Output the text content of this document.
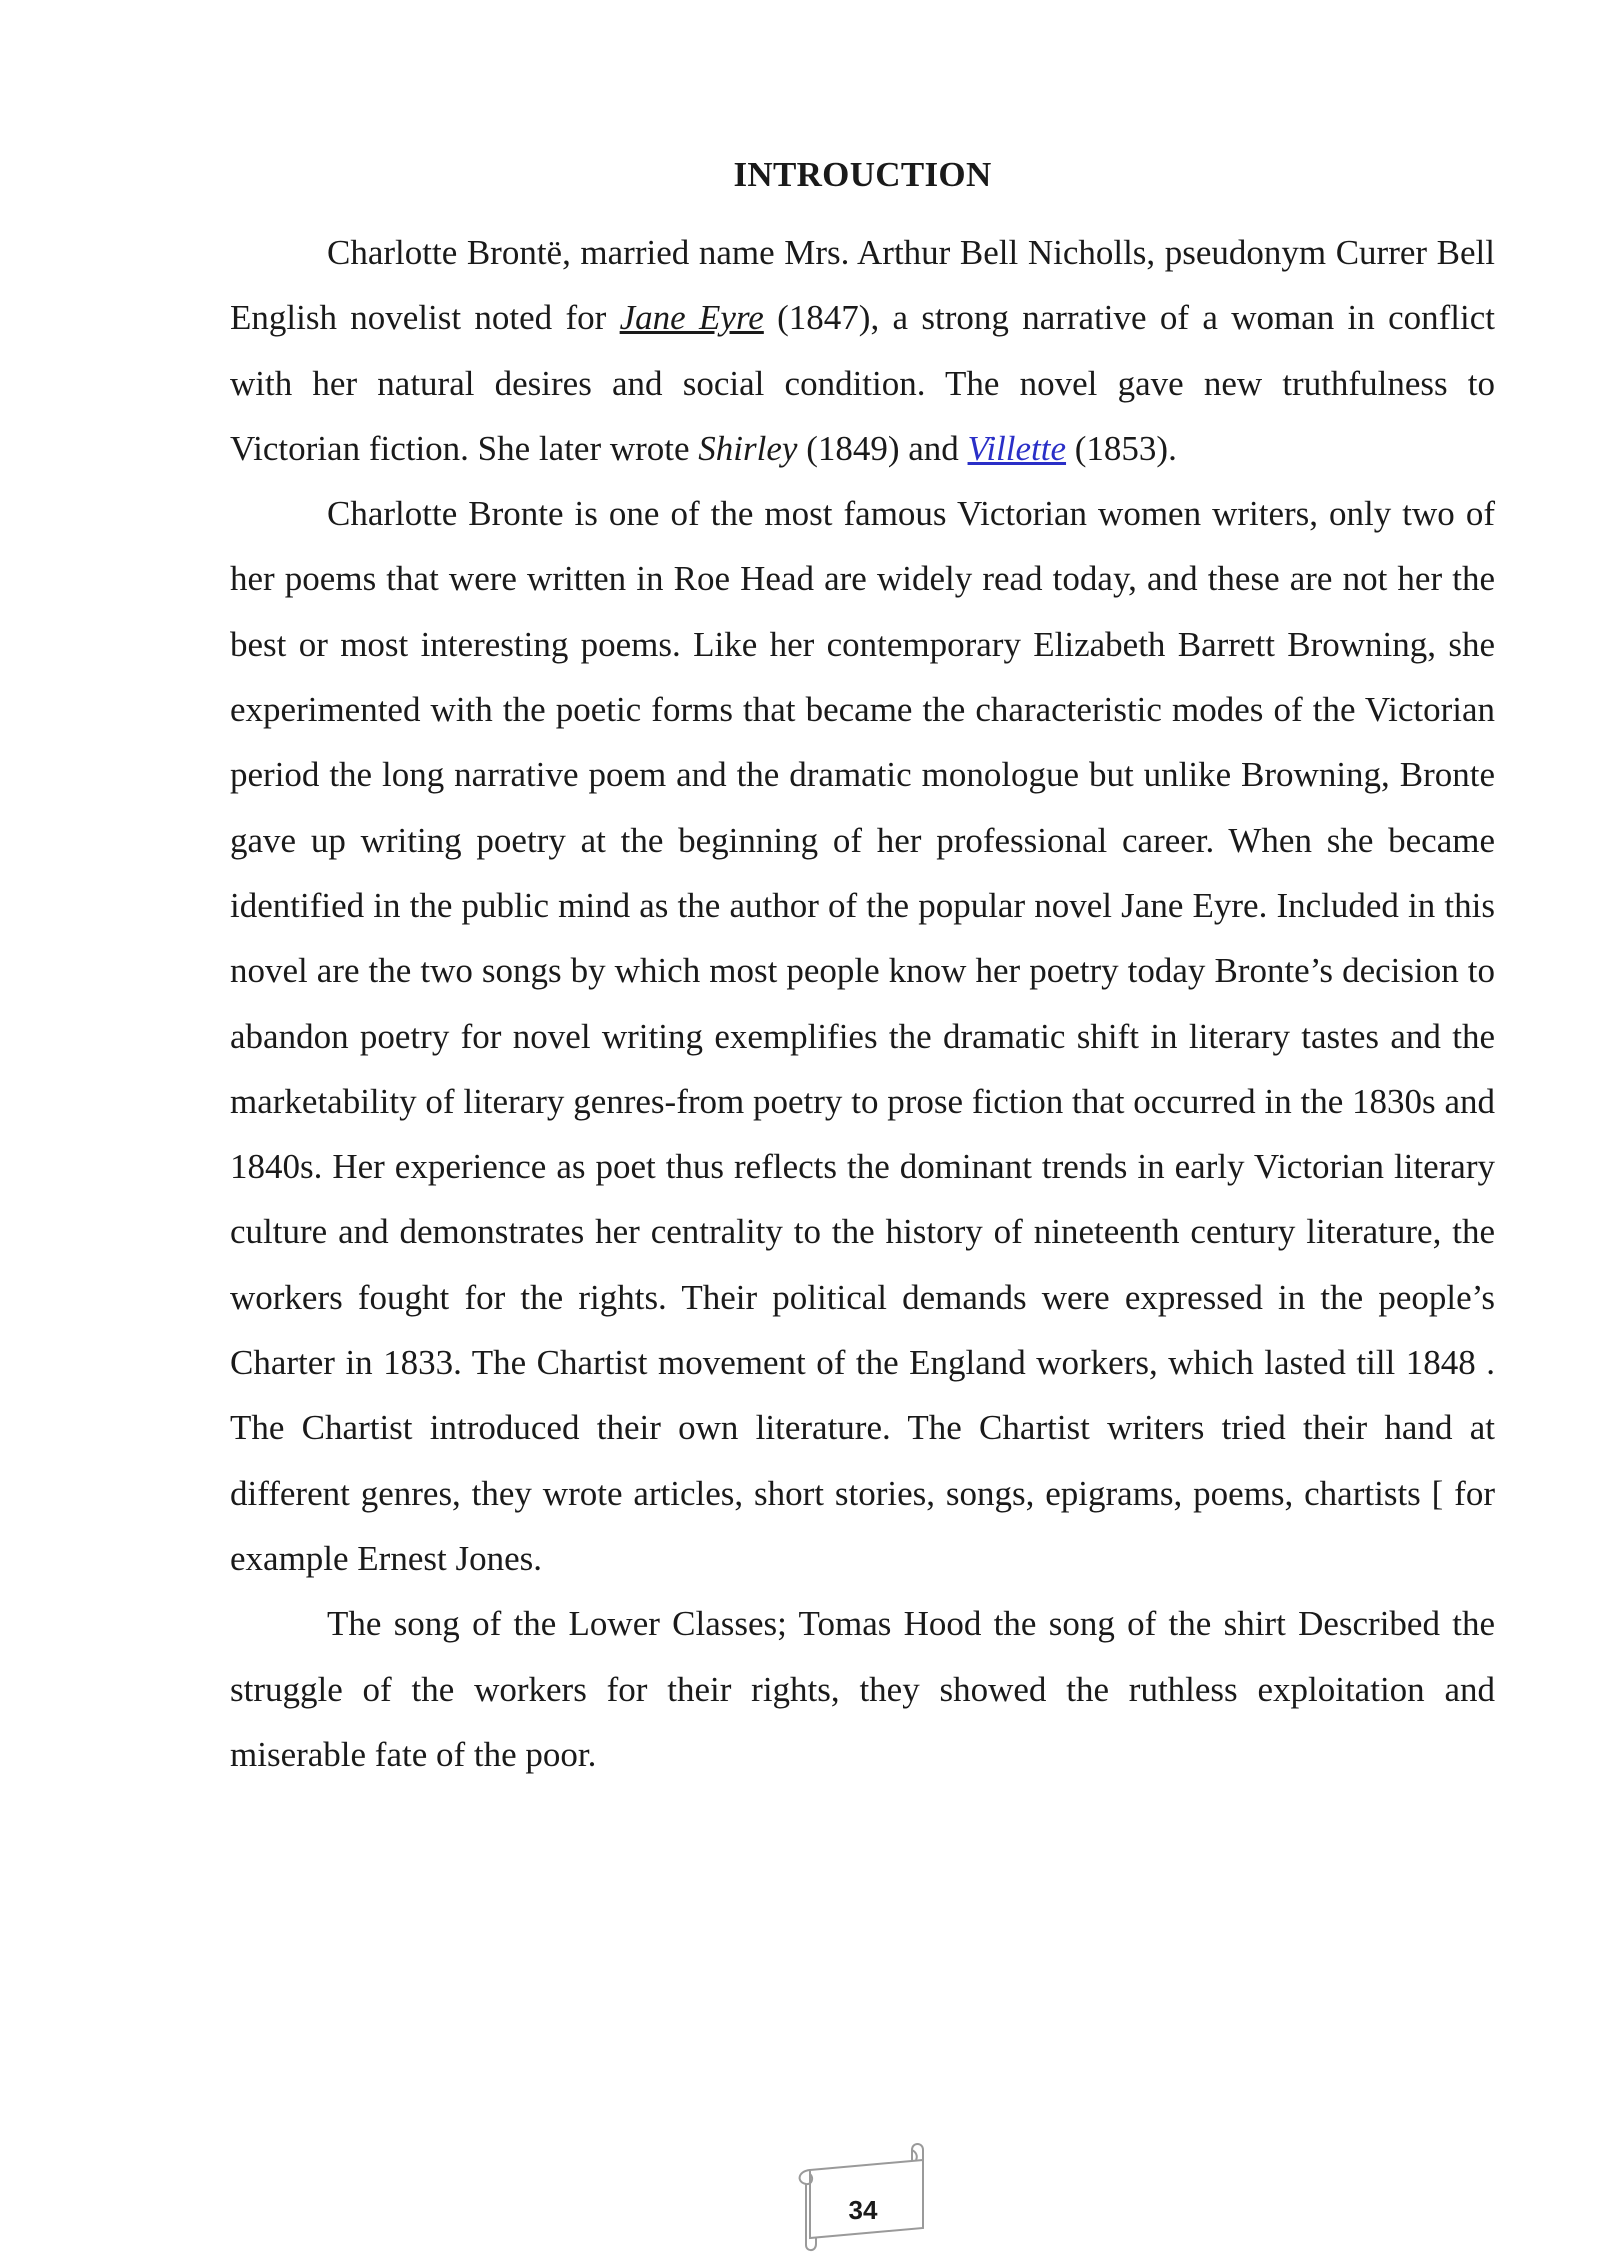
INTROUCTION

Charlotte Brontë, married name Mrs. Arthur Bell Nicholls, pseudonym Currer Bell English novelist noted for Jane Eyre (1847), a strong narrative of a woman in conflict with her natural desires and social condition. The novel gave new truthfulness to Victorian fiction. She later wrote Shirley (1849) and Villette (1853).

Charlotte Bronte is one of the most famous Victorian women writers, only two of her poems that were written in Roe Head are widely read today, and these are not her the best or most interesting poems. Like her contemporary Elizabeth Barrett Browning, she experimented with the poetic forms that became the characteristic modes of the Victorian period the long narrative poem and the dramatic monologue but unlike Browning, Bronte gave up writing poetry at the beginning of her professional career. When she became identified in the public mind as the author of the popular novel Jane Eyre. Included in this novel are the two songs by which most people know her poetry today Bronte’s decision to abandon poetry for novel writing exemplifies the dramatic shift in literary tastes and the marketability of literary genres-from poetry to prose fiction that occurred in the 1830s and 1840s. Her experience as poet thus reflects the dominant trends in early Victorian literary culture and demonstrates her centrality to the history of nineteenth century literature, the workers fought for the rights. Their political demands were expressed in the people’s Charter in 1833. The Chartist movement of the England workers, which lasted till 1848 . The Chartist introduced their own literature. The Chartist writers tried their hand at different genres, they wrote articles, short stories, songs, epigrams, poems, chartists [ for example Ernest Jones.

The song of the Lower Classes; Tomas Hood the song of the shirt Described the struggle of the workers for their rights, they showed the ruthless exploitation and miserable fate of the poor.

34
